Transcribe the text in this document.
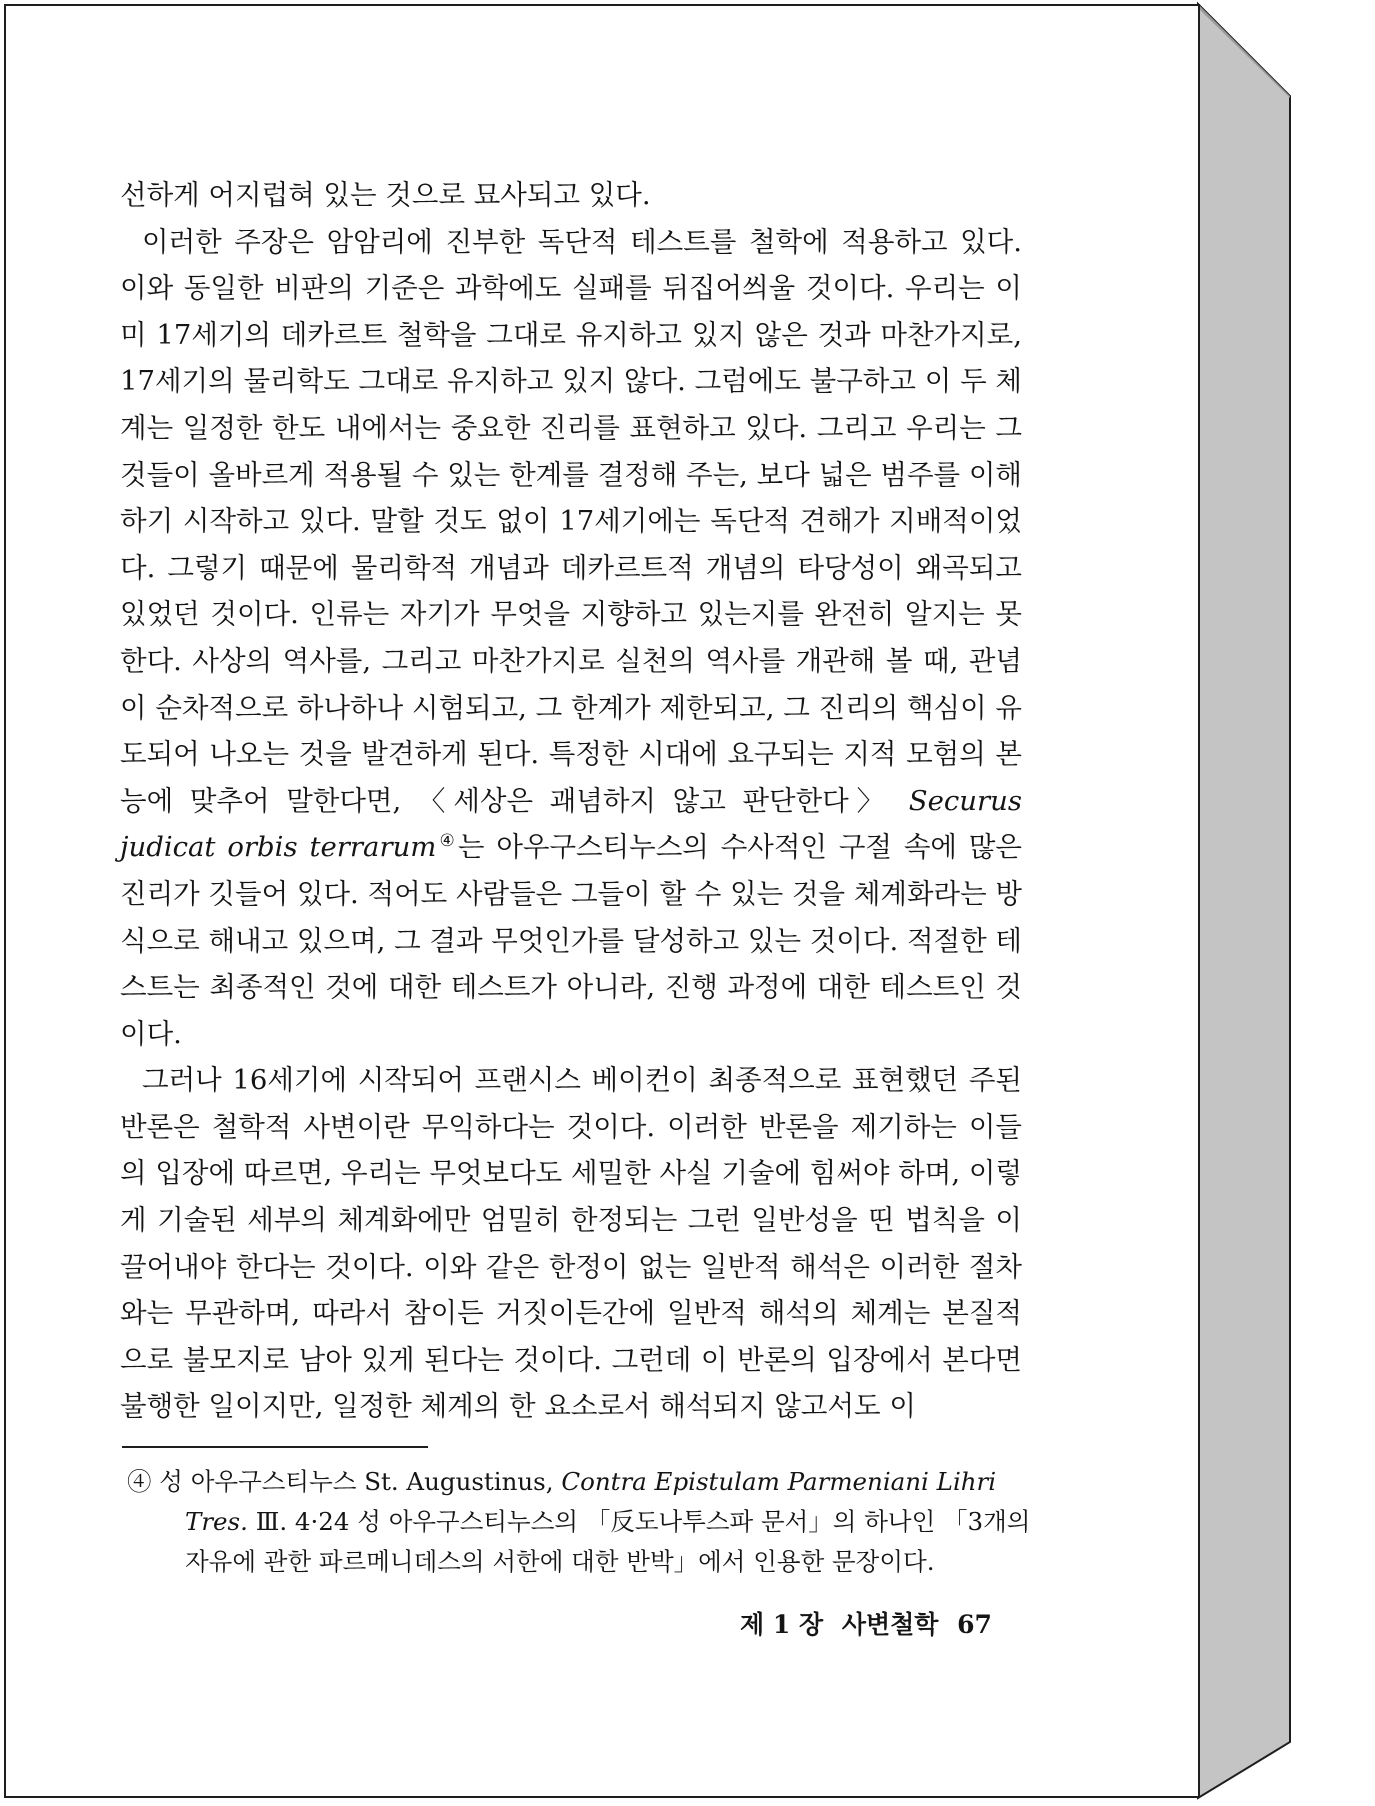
선하게 어지럽혀 있는 것으로 묘사되고 있다.

이러한 주장은 암암리에 진부한 독단적 테스트를 철학에 적용하고 있다. 이와 동일한 비판의 기준은 과학에도 실패를 뒤집어씌울 것이다. 우리는 이미 17세기의 데카르트 철학을 그대로 유지하고 있지 않은 것과 마찬가지로, 17세기의 물리학도 그대로 유지하고 있지 않다. 그럼에도 불구하고 이 두 체계는 일정한 한도 내에서는 중요한 진리를 표현하고 있다. 그리고 우리는 그것들이 올바르게 적용될 수 있는 한계를 결정해 주는, 보다 넓은 범주를 이해하기 시작하고 있다. 말할 것도 없이 17세기에는 독단적 견해가 지배적이었다. 그렇기 때문에 물리학적 개념과 데카르트적 개념의 타당성이 왜곡되고 있었던 것이다. 인류는 자기가 무엇을 지향하고 있는지를 완전히 알지는 못한다. 사상의 역사를, 그리고 마찬가지로 실천의 역사를 개관해 볼 때, 관념이 순차적으로 하나하나 시험되고, 그 한계가 제한되고, 그 진리의 핵심이 유도되어 나오는 것을 발견하게 된다. 특정한 시대에 요구되는 지적 모험의 본능에 맞추어 말한다면, 〈세상은 괘념하지 않고 판단한다〉 Securus judicat orbis terrarum④는 아우구스티누스의 수사적인 구절 속에 많은 진리가 깃들어 있다. 적어도 사람들은 그들이 할 수 있는 것을 체계화라는 방식으로 해내고 있으며, 그 결과 무엇인가를 달성하고 있는 것이다. 적절한 테스트는 최종적인 것에 대한 테스트가 아니라, 진행 과정에 대한 테스트인 것이다.

그러나 16세기에 시작되어 프랜시스 베이컨이 최종적으로 표현했던 주된 반론은 철학적 사변이란 무익하다는 것이다. 이러한 반론을 제기하는 이들의 입장에 따르면, 우리는 무엇보다도 세밀한 사실 기술에 힘써야 하며, 이렇게 기술된 세부의 체계화에만 엄밀히 한정되는 그런 일반성을 띤 법칙을 이끌어내야 한다는 것이다. 이와 같은 한정이 없는 일반적 해석은 이러한 절차와는 무관하며, 따라서 참이든 거짓이든간에 일반적 해석의 체계는 본질적으로 불모지로 남아 있게 된다는 것이다. 그런데 이 반론의 입장에서 본다면 불행한 일이지만, 일정한 체계의 한 요소로서 해석되지 않고서도 이

④ 성 아우구스티누스 St. Augustinus, Contra Epistulam Parmeniani Lihri
Tres. Ⅲ. 4·24 성 아우구스티누스의 「反도나투스파 문서」의 하나인 「3개의
자유에 관한 파르메니데스의 서한에 대한 반박」에서 인용한 문장이다.
제 1 장 사변철학 67
